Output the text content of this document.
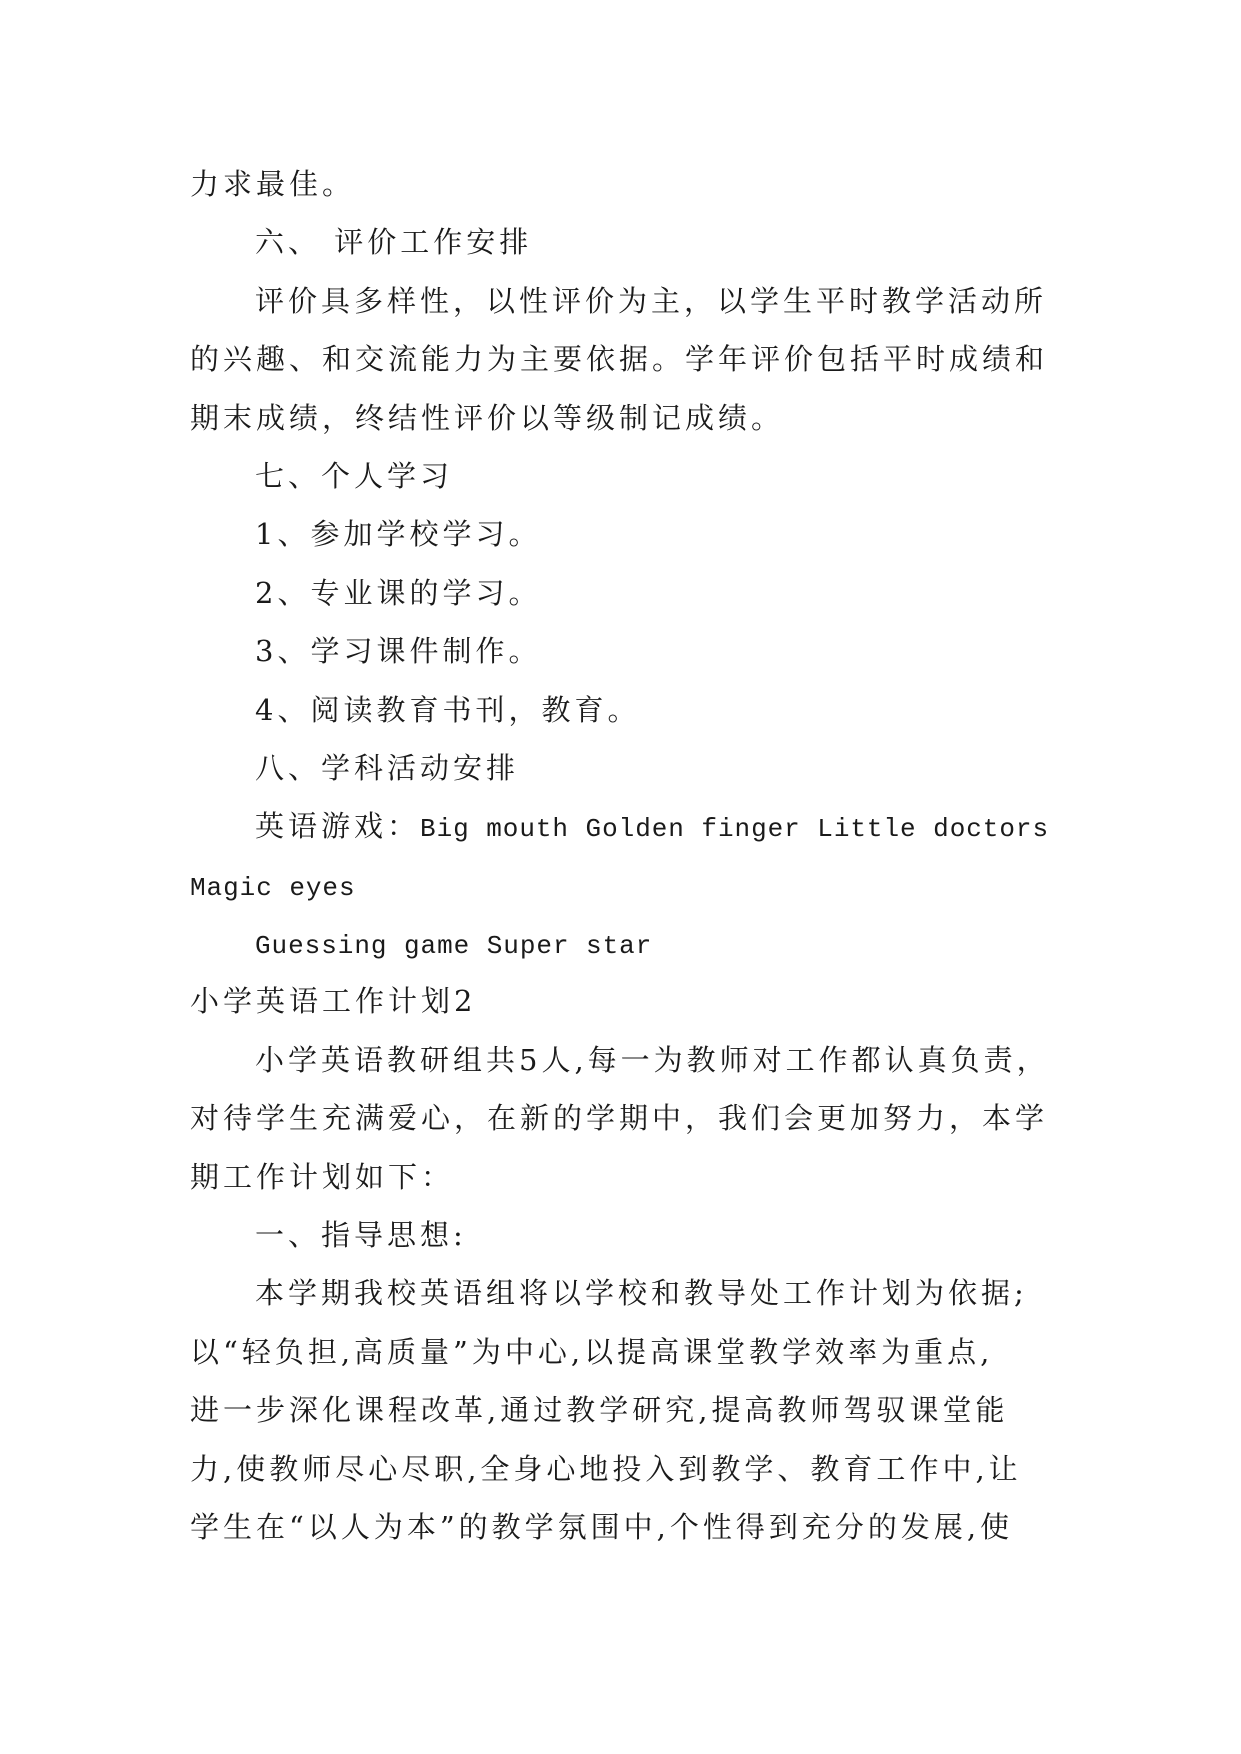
力求最佳。

六、 评价工作安排

评价具多样性，以性评价为主，以学生平时教学活动所

的兴趣、和交流能力为主要依据。学年评价包括平时成绩和

期末成绩，终结性评价以等级制记成绩。

七、个人学习

1、参加学校学习。

2、专业课的学习。

3、学习课件制作。

4、阅读教育书刊，教育。

八、学科活动安排

英语游戏：Big mouth Golden finger Little doctors

Magic eyes

Guessing game Super star

小学英语工作计划2

小学英语教研组共5人,每一为教师对工作都认真负责，

对待学生充满爱心，在新的学期中，我们会更加努力，本学

期工作计划如下：

一、指导思想:

本学期我校英语组将以学校和教导处工作计划为依据;

以“轻负担,高质量”为中心,以提高课堂教学效率为重点,

进一步深化课程改革,通过教学研究,提高教师驾驭课堂能

力,使教师尽心尽职,全身心地投入到教学、教育工作中,让

学生在“以人为本”的教学氛围中,个性得到充分的发展,使
